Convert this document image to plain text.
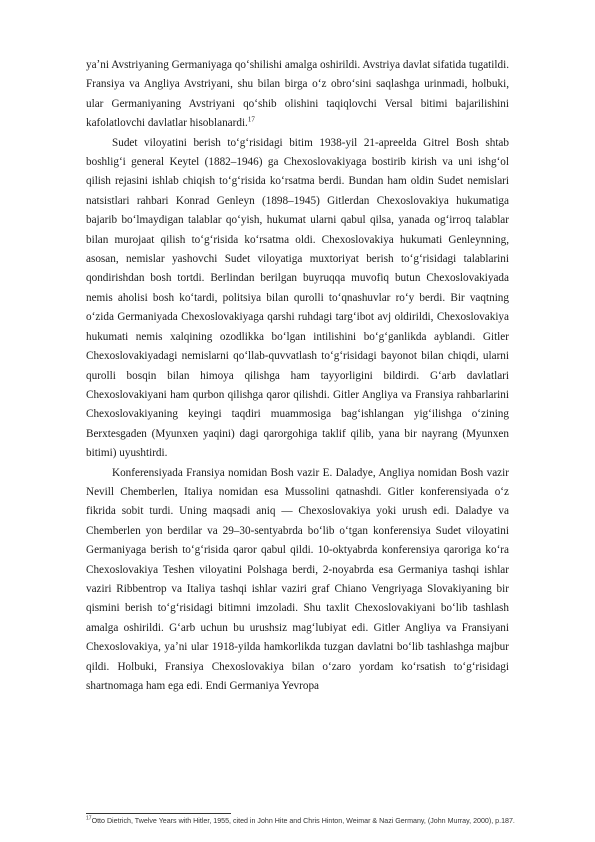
yaʼni Avstriyaning Germaniyaga qoʻshilishi amalga oshirildi. Avstriya davlat sifatida tugatildi. Fransiya va Angliya Avstriyani, shu bilan birga oʻz obroʻsini saqlashga urinmadi, holbuki, ular Germaniyaning Avstriyani qoʻshib olishini taqiqlovchi Versal bitimi bajarilishini kafolatlovchi davlatlar hisoblanardi.$^{17}$

Sudet viloyatini berish toʻgʻrisidagi bitim 1938-yil 21-apreelda Gitrel Bosh shtab boshligʻi general Keytel (1882–1946) ga Chexoslovakiyaga bostirib kirish va uni ishgʻol qilish rejasini ishlab chiqish toʻgʻrisida koʻrsatma berdi. Bundan ham oldin Sudet nemislari natsistlari rahbari Konrad Genleyn (1898–1945) Gitlerdan Chexoslovakiya hukumatiga bajarib boʻlmaydigan talablar qoʻyish, hukumat ularni qabul qilsa, yanada ogʻirroq talablar bilan murojaat qilish toʻgʻrisida koʻrsatma oldi. Chexoslovakiya hukumati Genleynning, asosan, nemislar yashovchi Sudet viloyatiga muxtoriyat berish toʻgʻrisidagi talablarini qondirishdan bosh tortdi. Berlindan berilgan buyruqqa muvofiq butun Chexoslovakiyada nemis aholisi bosh koʻtardi, politsiya bilan qurolli toʻqnashuvlar roʻy berdi. Bir vaqtning oʻzida Germaniyada Chexoslovakiyaga qarshi ruhdagi targʻibot avj oldirildi, Chexoslovakiya hukumati nemis xalqining ozodlikka boʻlgan intilishini boʻgʻganlikda ayblandi. Gitler Chexoslovakiyadagi nemislarni qoʻllab-quvvatlash toʻgʻrisidagi bayonot bilan chiqdi, ularni qurolli bosqin bilan himoya qilishga ham tayyorligini bildirdi. Gʻarb davlatlari Chexoslovakiyani ham qurbon qilishga qaror qilishdi. Gitler Angliya va Fransiya rahbarlarini Chexoslovakiyaning keyingi taqdiri muammosiga bagʻishlangan yigʻilishga oʻzining Berxtesgaden (Myunxen yaqini) dagi qarorgohiga taklif qilib, yana bir nayrang (Myunxen bitimi) uyushtirdi.

Konferensiyada Fransiya nomidan Bosh vazir E. Daladye, Angliya nomidan Bosh vazir Nevill Chemberlen, Italiya nomidan esa Mussolini qatnashdi. Gitler konferensiyada oʻz fikrida sobit turdi. Uning maqsadi aniq — Chexoslovakiya yoki urush edi. Daladye va Chemberlen yon berdilar va 29–30-sentyabrda boʻlib oʻtgan konferensiya Sudet viloyatini Germaniyaga berish toʻgʻrisida qaror qabul qildi. 10-oktyabrda konferensiya qaroriga koʻra Chexoslovakiya Teshen viloyatini Polshaga berdi, 2-noyabrda esa Germaniya tashqi ishlar vaziri Ribbentrop va Italiya tashqi ishlar vaziri graf Chiano Vengriyaga Slovakiyaning bir qismini berish toʻgʻrisidagi bitimni imzoladi. Shu taxlit Chexoslovakiyani boʻlib tashlash amalga oshirildi. Gʻarb uchun bu urushsiz magʻlubiyat edi. Gitler Angliya va Fransiyani Chexoslovakiya, yaʼni ular 1918-yilda hamkorlikda tuzgan davlatni boʻlib tashlashga majbur qildi. Holbuki, Fransiya Chexoslovakiya bilan oʻzaro yordam koʻrsatish toʻgʻrisidagi shartnomaga ham ega edi. Endi Germaniya Yevropa

$^{17}$Otto Dietrich, Twelve Years with Hitler, 1955, cited in John Hite and Chris Hinton, Weimar & Nazi Germany, (John Murray, 2000), p.187.
